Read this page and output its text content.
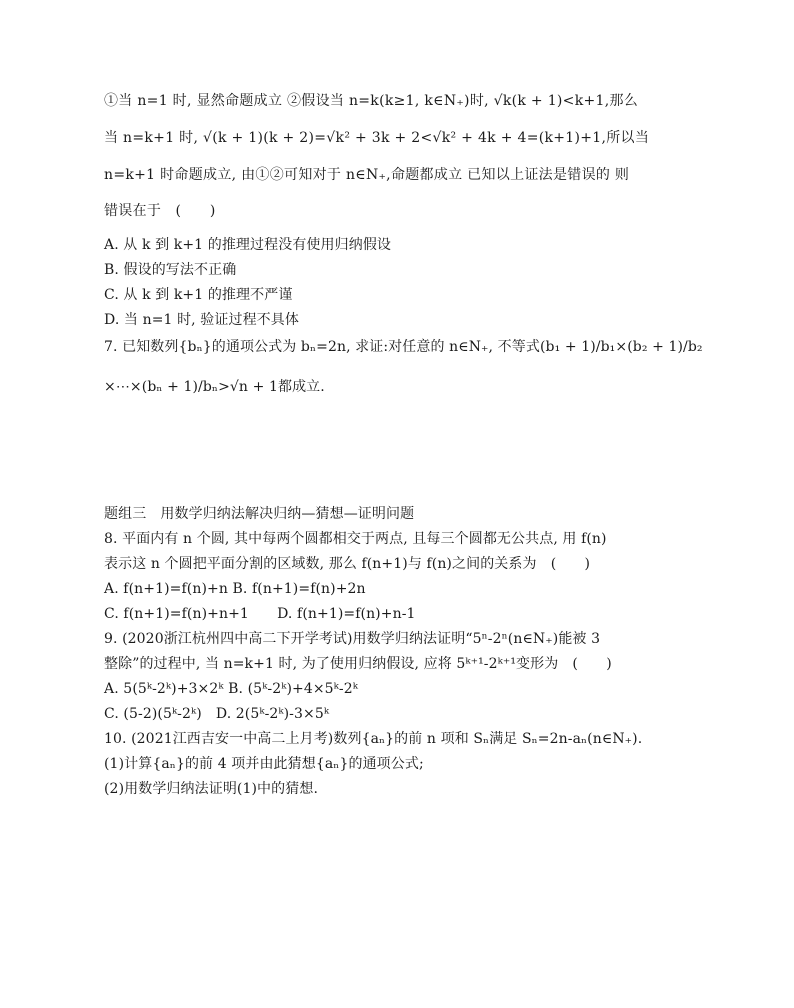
①当 n=1 时, 显然命题成立 ②假设当 n=k(k≥1, k∈N₊)时, √k(k + 1)<k+1,那么
当 n=k+1 时, √(k + 1)(k + 2)=√k² + 3k + 2<√k² + 4k + 4=(k+1)+1,所以当
n=k+1 时命题成立, 由①②可知对于 n∈N₊,命题都成立 已知以上证法是错误的 则
错误在于　(　　)
A. 从 k 到 k+1 的推理过程没有使用归纳假设
B. 假设的写法不正确
C. 从 k 到 k+1 的推理不严谨
D. 当 n=1 时, 验证过程不具体
7. 已知数列{bₙ}的通项公式为 bₙ=2n, 求证:对任意的 n∈N₊, 不等式(b₁ + 1)/b₁×(b₂ + 1)/b₂
×⋯×(bₙ + 1)/bₙ>√n + 1都成立.
题组三　用数学归纳法解决归纳—猜想—证明问题
8. 平面内有 n 个圆, 其中每两个圆都相交于两点, 且每三个圆都无公共点, 用 f(n)
表示这 n 个圆把平面分割的区域数, 那么 f(n+1)与 f(n)之间的关系为　(　　)
A. f(n+1)=f(n)+n B. f(n+1)=f(n)+2n
C. f(n+1)=f(n)+n+1　　D. f(n+1)=f(n)+n-1
9. (2020浙江杭州四中高二下开学考试)用数学归纳法证明“5ⁿ-2ⁿ(n∈N₊)能被 3
整除”的过程中, 当 n=k+1 时, 为了使用归纳假设, 应将 5ᵏ⁺¹-2ᵏ⁺¹变形为　(　　)
A. 5(5ᵏ-2ᵏ)+3×2ᵏ B. (5ᵏ-2ᵏ)+4×5ᵏ-2ᵏ
C. (5-2)(5ᵏ-2ᵏ)　D. 2(5ᵏ-2ᵏ)-3×5ᵏ
10. (2021江西吉安一中高二上月考)数列{aₙ}的前 n 项和 Sₙ满足 Sₙ=2n-aₙ(n∈N₊).
(1)计算{aₙ}的前 4 项并由此猜想{aₙ}的通项公式;
(2)用数学归纳法证明(1)中的猜想.
